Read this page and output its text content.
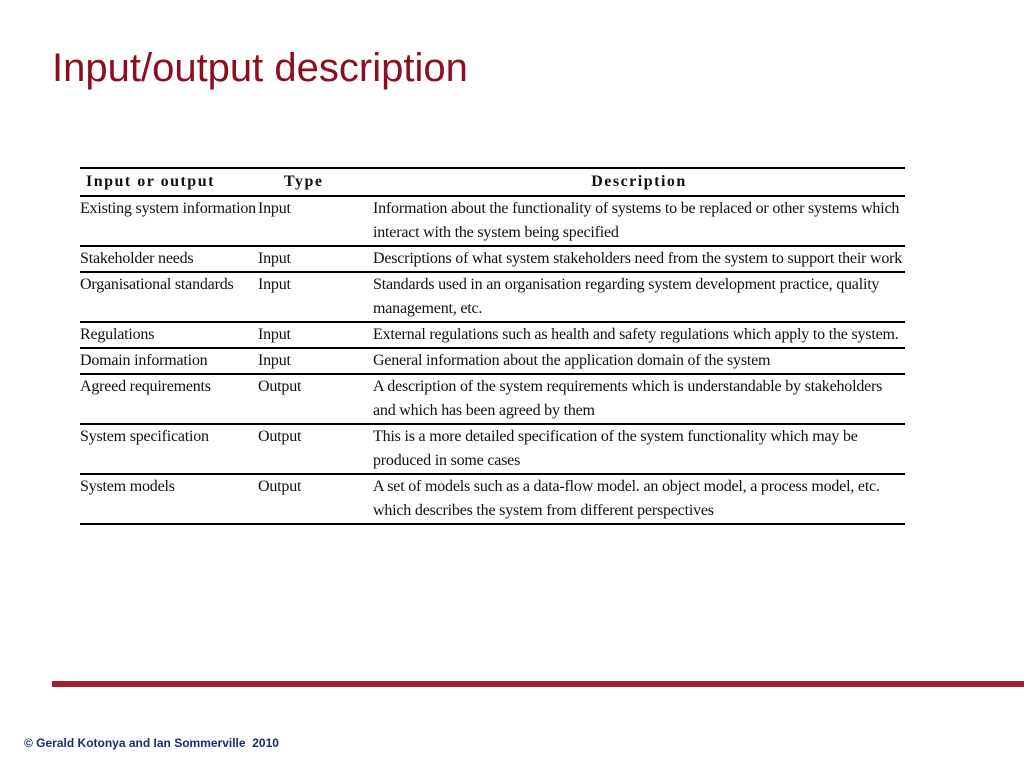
Input/output description
Input or output	Type	Description
Existing system information	Input	Information about the functionality of systems to be replaced or other systems which interact with the system being specified
Stakeholder needs	Input	Descriptions of what system stakeholders need from the system to support their work
Organisational standards	Input	Standards used in an organisation regarding system development practice, quality management, etc.
Regulations	Input	External regulations such as health and safety regulations which apply to the system.
Domain information	Input	General information about the application domain of the system
Agreed requirements	Output	A description of the system requirements which is understandable by stakeholders and which has been agreed by them
System specification	Output	This is a more detailed specification of the system functionality which may be produced in some cases
System models	Output	A set of models such as a data-flow model. an object model, a process model, etc. which describes the system from different perspectives
© Gerald Kotonya and Ian Sommerville  2010
